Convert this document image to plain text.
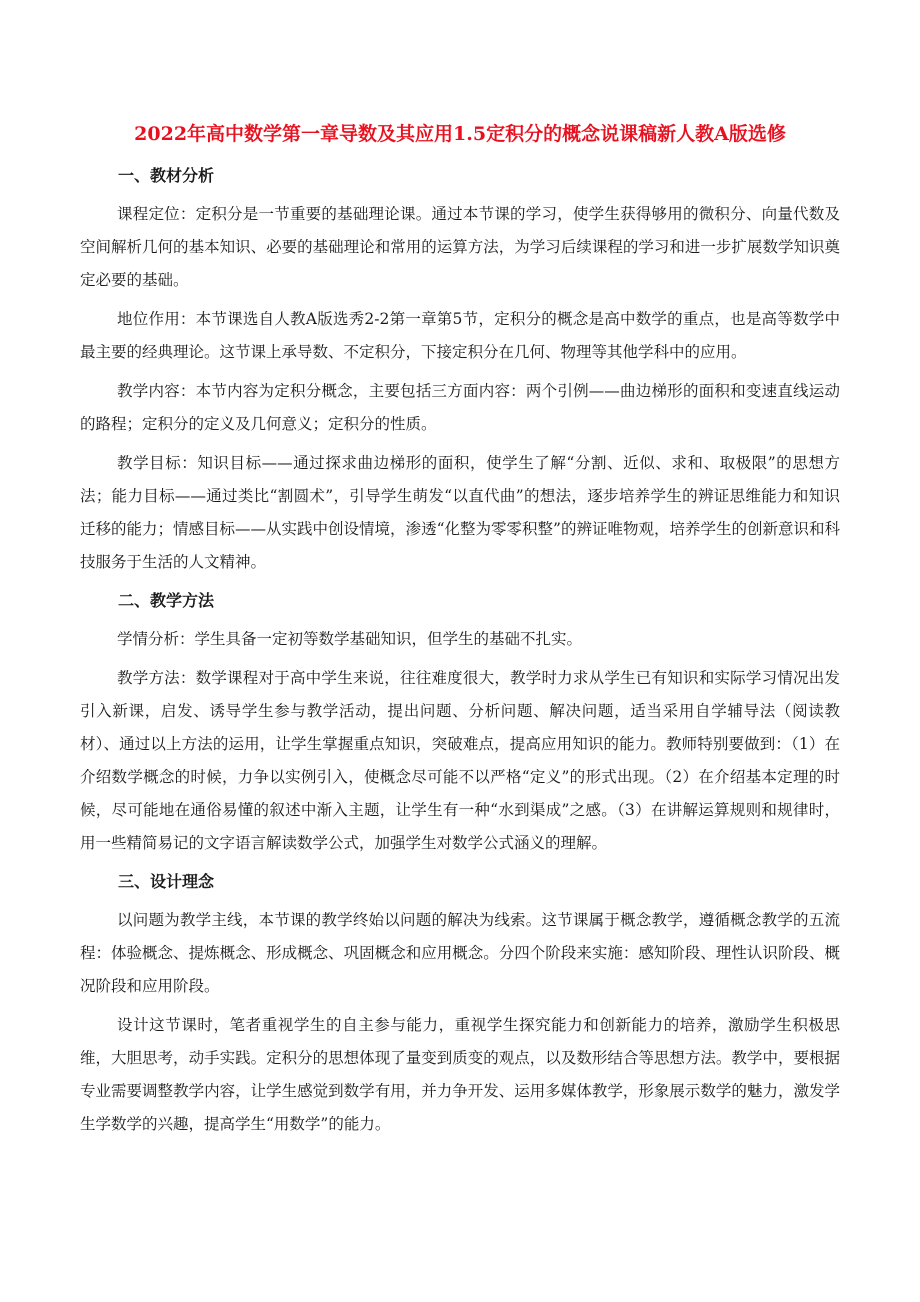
2022年高中数学第一章导数及其应用1.5定积分的概念说课稿新人教A版选修
一、教材分析
课程定位：定积分是一节重要的基础理论课。通过本节课的学习，使学生获得够用的微积分、向量代数及空间解析几何的基本知识、必要的基础理论和常用的运算方法，为学习后续课程的学习和进一步扩展数学知识奠定必要的基础。
地位作用：本节课选自人教A版选秀2-2第一章第5节，定积分的概念是高中数学的重点，也是高等数学中最主要的经典理论。这节课上承导数、不定积分，下接定积分在几何、物理等其他学科中的应用。
教学内容：本节内容为定积分概念，主要包括三方面内容：两个引例——曲边梯形的面积和变速直线运动的路程；定积分的定义及几何意义；定积分的性质。
教学目标：知识目标——通过探求曲边梯形的面积，使学生了解“分割、近似、求和、取极限”的思想方法；能力目标——通过类比“割圆术”，引导学生萌发“以直代曲”的想法，逐步培养学生的辨证思维能力和知识迁移的能力；情感目标——从实践中创设情境，渗透“化整为零零积整”的辨证唯物观，培养学生的创新意识和科技服务于生活的人文精神。
二、教学方法
学情分析：学生具备一定初等数学基础知识，但学生的基础不扎实。
教学方法：数学课程对于高中学生来说，往往难度很大，教学时力求从学生已有知识和实际学习情况出发引入新课，启发、诱导学生参与教学活动，提出问题、分析问题、解决问题，适当采用自学辅导法（阅读教材）、通过以上方法的运用，让学生掌握重点知识，突破难点，提高应用知识的能力。教师特别要做到：（1）在介绍数学概念的时候，力争以实例引入，使概念尽可能不以严格“定义”的形式出现。（2）在介绍基本定理的时候，尽可能地在通俗易懂的叙述中渐入主题，让学生有一种“水到渠成”之感。（3）在讲解运算规则和规律时，用一些精简易记的文字语言解读数学公式，加强学生对数学公式涵义的理解。
三、设计理念
以问题为教学主线，本节课的教学终始以问题的解决为线索。这节课属于概念教学，遵循概念教学的五流程：体验概念、提炼概念、形成概念、巩固概念和应用概念。分四个阶段来实施：感知阶段、理性认识阶段、概况阶段和应用阶段。
设计这节课时，笔者重视学生的自主参与能力，重视学生探究能力和创新能力的培养，激励学生积极思维，大胆思考，动手实践。定积分的思想体现了量变到质变的观点，以及数形结合等思想方法。教学中，要根据专业需要调整教学内容，让学生感觉到数学有用，并力争开发、运用多媒体教学，形象展示数学的魅力，激发学生学数学的兴趣，提高学生“用数学”的能力。
